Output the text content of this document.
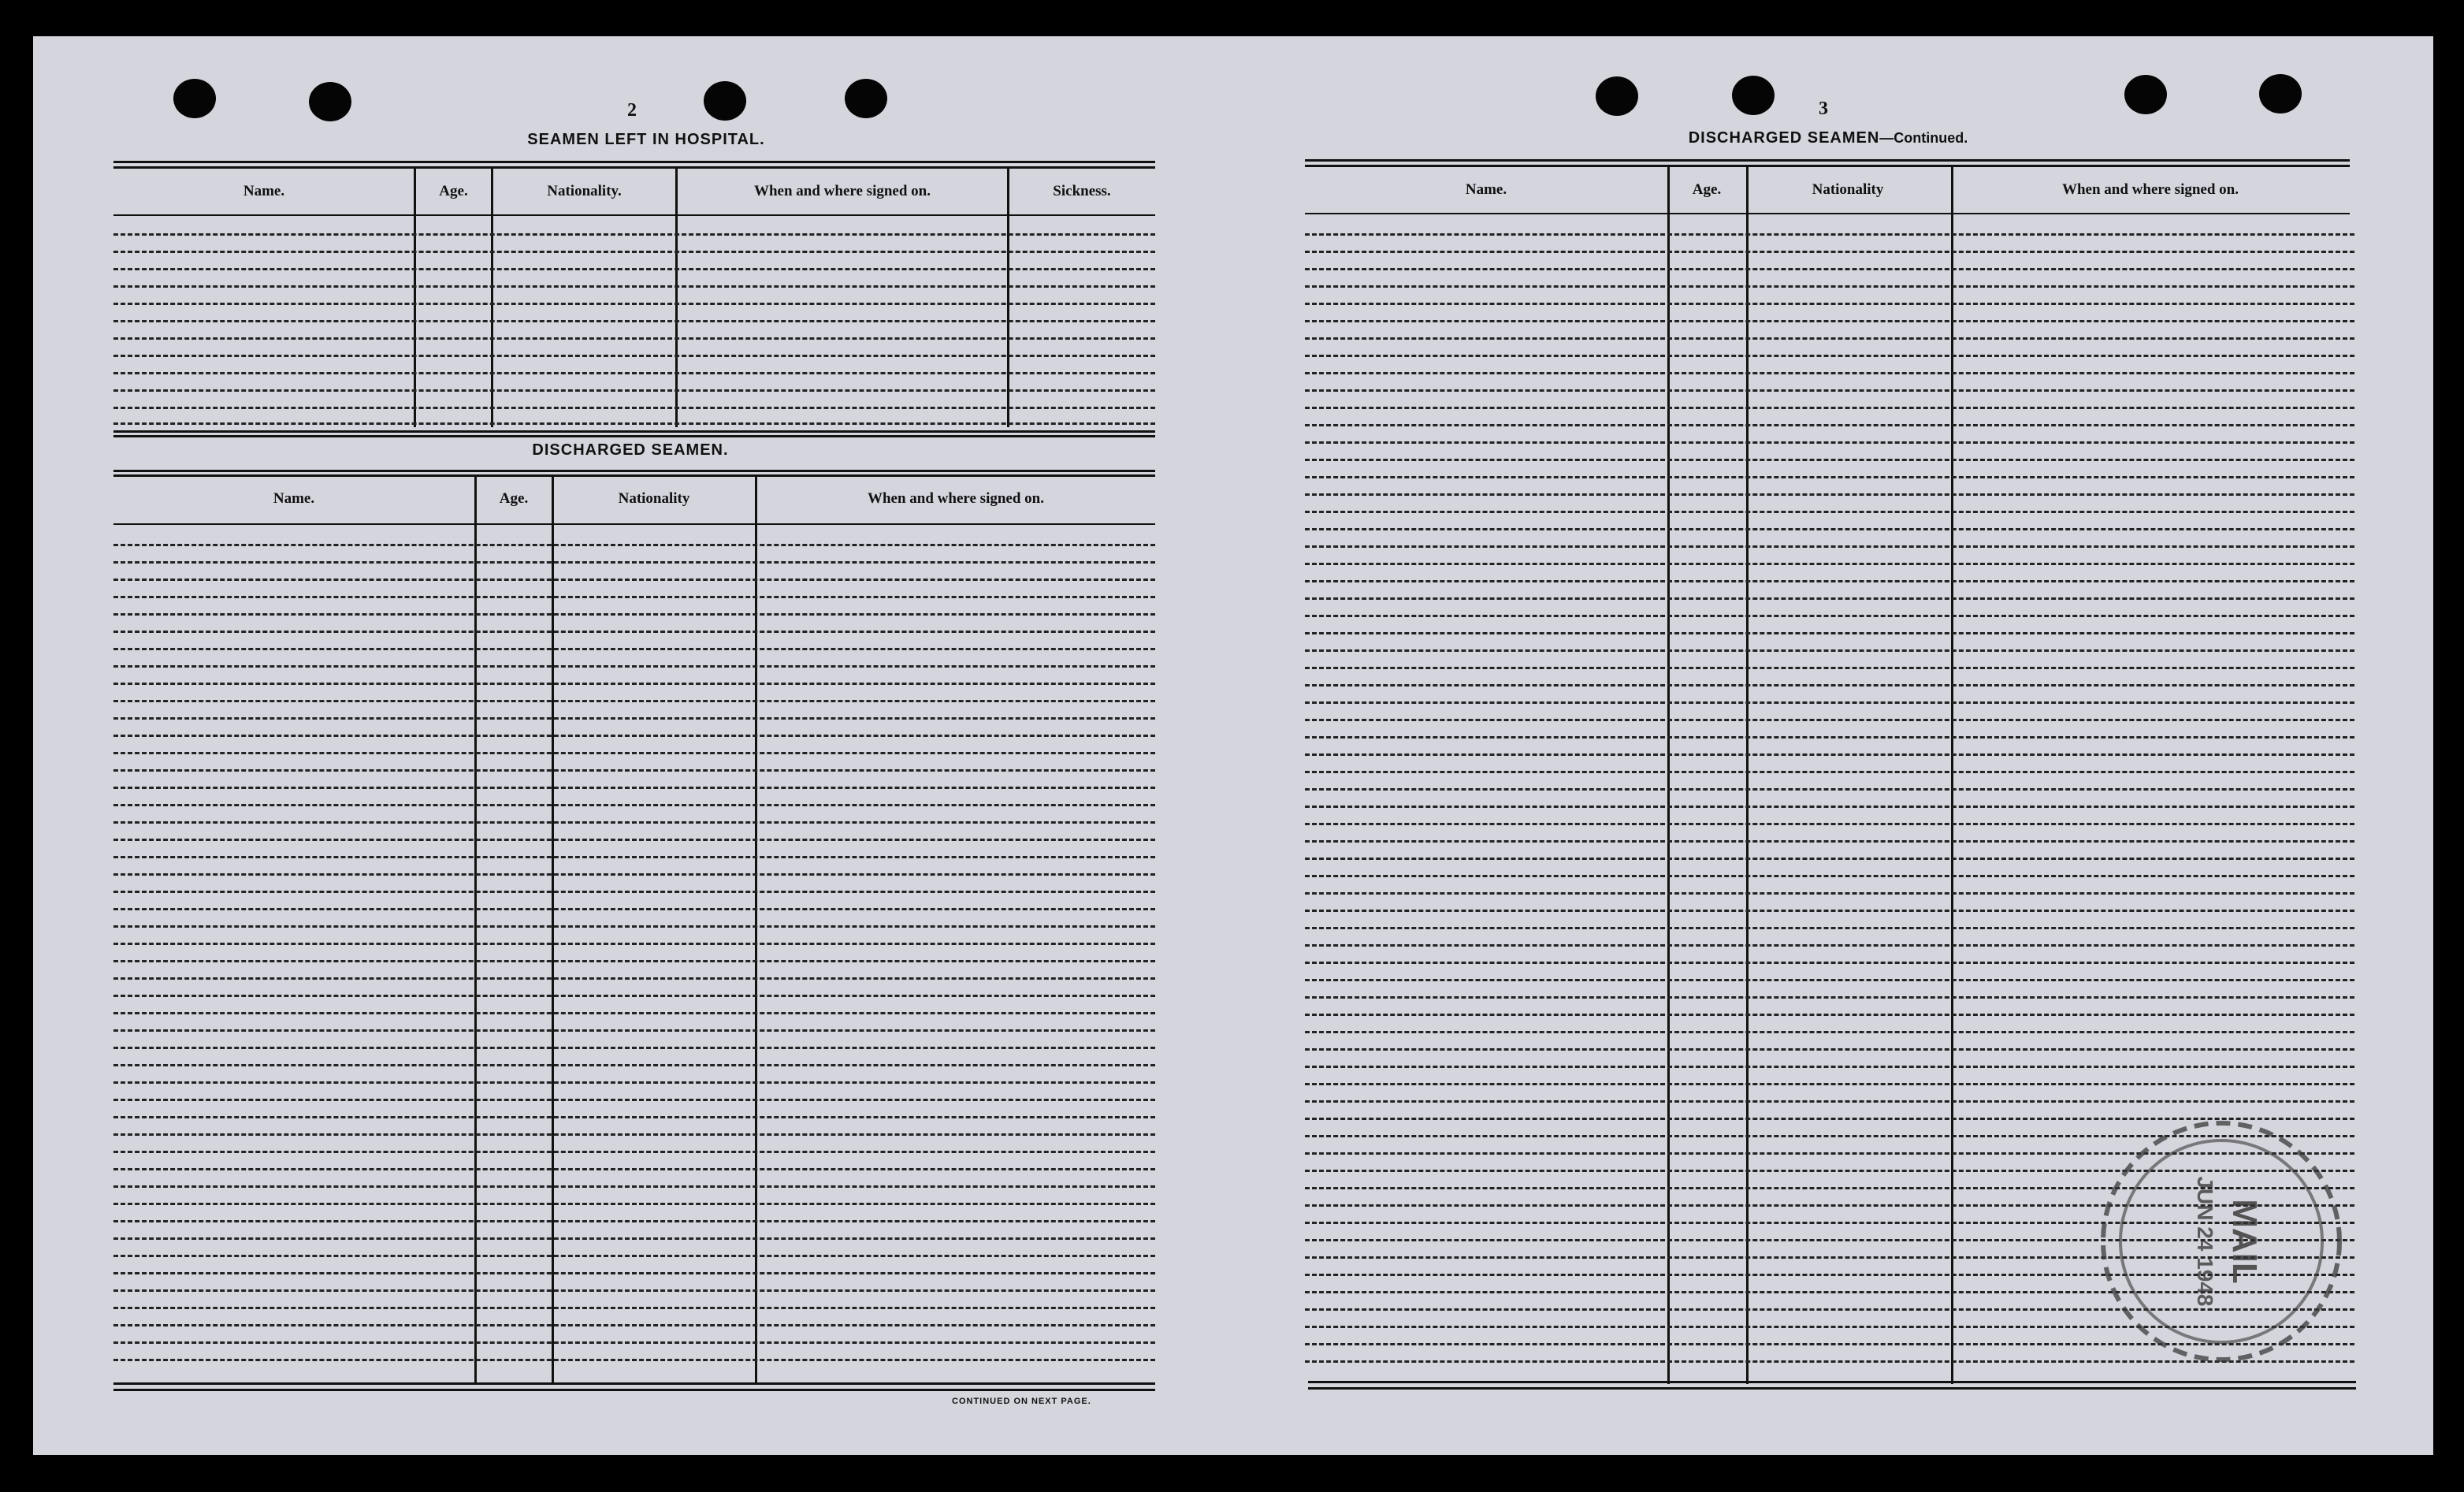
2
SEAMEN LEFT IN HOSPITAL.
Name.	Age.	Nationality.	When and where signed on.	Sickness.
DISCHARGED SEAMEN.
Name.	Age.	Nationality	When and where signed on.
CONTINUED ON NEXT PAGE.
3
DISCHARGED SEAMEN—Continued.
Name.	Age.	Nationality	When and where signed on.
MAIL
JUN 24 1948
